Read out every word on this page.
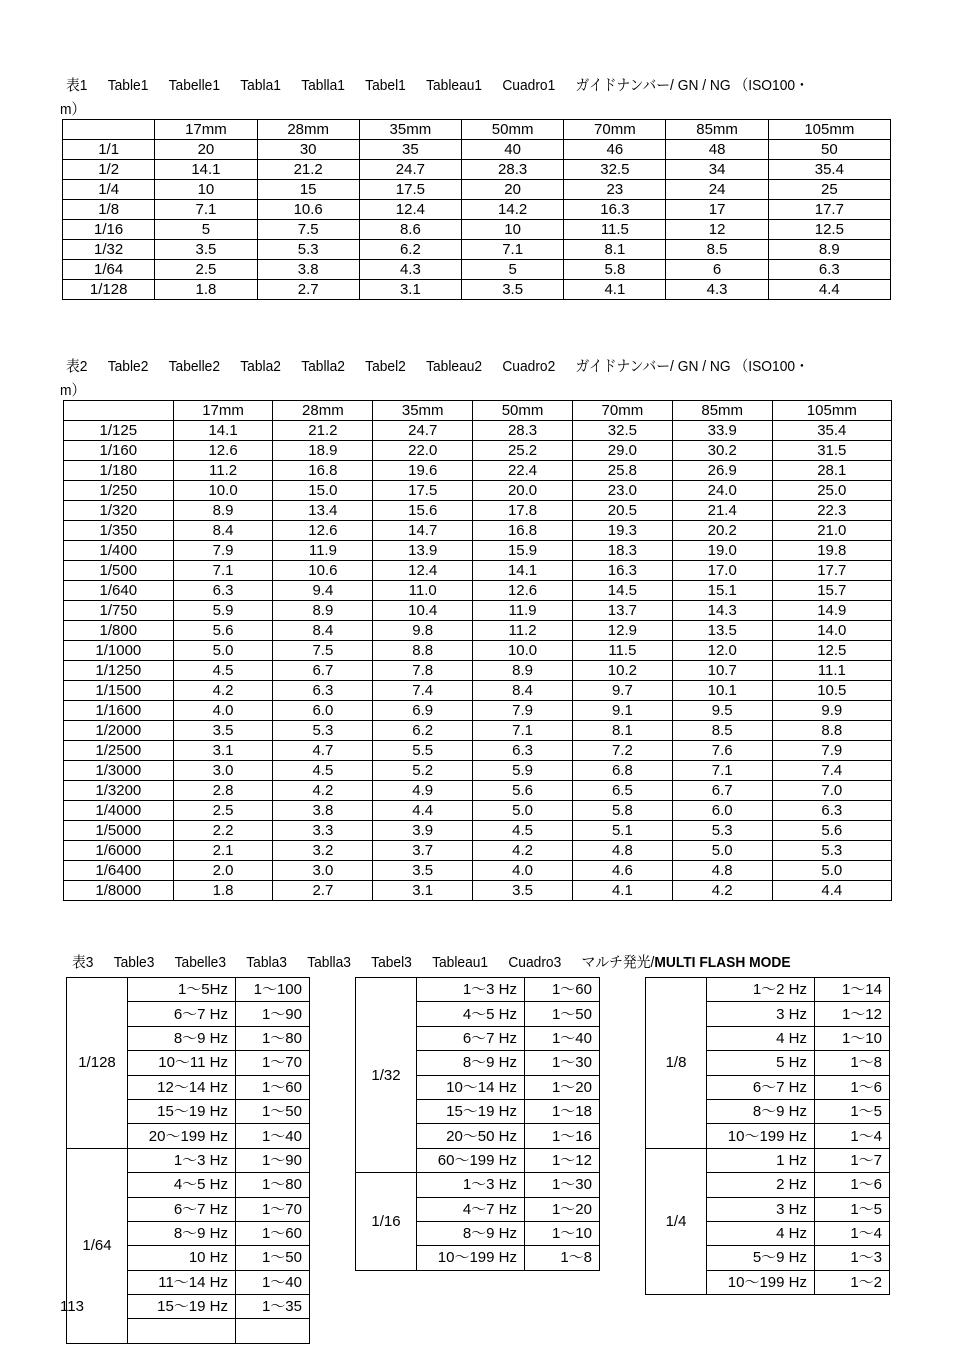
表1 Table1 Tabelle1 Tabla1 Tablla1 Tabel1 Tableau1 Cuadro1 ガイドナンバー/ GN / NG （ISO100・
m）
	17mm	28mm	35mm	50mm	70mm	85mm	105mm
1/1	20	30	35	40	46	48	50
1/2	14.1	21.2	24.7	28.3	32.5	34	35.4
1/4	10	15	17.5	20	23	24	25
1/8	7.1	10.6	12.4	14.2	16.3	17	17.7
1/16	5	7.5	8.6	10	11.5	12	12.5
1/32	3.5	5.3	6.2	7.1	8.1	8.5	8.9
1/64	2.5	3.8	4.3	5	5.8	6	6.3
1/128	1.8	2.7	3.1	3.5	4.1	4.3	4.4
表2 Table2 Tabelle2 Tabla2 Tablla2 Tabel2 Tableau2 Cuadro2 ガイドナンバー/ GN / NG （ISO100・
m）
	17mm	28mm	35mm	50mm	70mm	85mm	105mm
1/125	14.1	21.2	24.7	28.3	32.5	33.9	35.4
1/160	12.6	18.9	22.0	25.2	29.0	30.2	31.5
1/180	11.2	16.8	19.6	22.4	25.8	26.9	28.1
1/250	10.0	15.0	17.5	20.0	23.0	24.0	25.0
1/320	8.9	13.4	15.6	17.8	20.5	21.4	22.3
1/350	8.4	12.6	14.7	16.8	19.3	20.2	21.0
1/400	7.9	11.9	13.9	15.9	18.3	19.0	19.8
1/500	7.1	10.6	12.4	14.1	16.3	17.0	17.7
1/640	6.3	9.4	11.0	12.6	14.5	15.1	15.7
1/750	5.9	8.9	10.4	11.9	13.7	14.3	14.9
1/800	5.6	8.4	9.8	11.2	12.9	13.5	14.0
1/1000	5.0	7.5	8.8	10.0	11.5	12.0	12.5
1/1250	4.5	6.7	7.8	8.9	10.2	10.7	11.1
1/1500	4.2	6.3	7.4	8.4	9.7	10.1	10.5
1/1600	4.0	6.0	6.9	7.9	9.1	9.5	9.9
1/2000	3.5	5.3	6.2	7.1	8.1	8.5	8.8
1/2500	3.1	4.7	5.5	6.3	7.2	7.6	7.9
1/3000	3.0	4.5	5.2	5.9	6.8	7.1	7.4
1/3200	2.8	4.2	4.9	5.6	6.5	6.7	7.0
1/4000	2.5	3.8	4.4	5.0	5.8	6.0	6.3
1/5000	2.2	3.3	3.9	4.5	5.1	5.3	5.6
1/6000	2.1	3.2	3.7	4.2	4.8	5.0	5.3
1/6400	2.0	3.0	3.5	4.0	4.6	4.8	5.0
1/8000	1.8	2.7	3.1	3.5	4.1	4.2	4.4
表3 Table3 Tabelle3 Tabla3 Tablla3 Tabel3 Tableau1 Cuadro3 マルチ発光/MULTI FLASH MODE
1/128	1～5Hz	1～100
	6～7 Hz	1～90
	8～9 Hz	1～80
	10～11 Hz	1～70
	12～14 Hz	1～60
	15～19 Hz	1～50
	20～199 Hz	1～40
1/64	1～3 Hz	1～90
	4～5 Hz	1～80
	6～7 Hz	1～70
	8～9 Hz	1～60
	10 Hz	1～50
	11～14 Hz	1～40
	15～19 Hz	1～35

1/32	1～3 Hz	1～60
	4～5 Hz	1～50
	6～7 Hz	1～40
	8～9 Hz	1～30
	10～14 Hz	1～20
	15～19 Hz	1～18
	20～50 Hz	1～16
	60～199 Hz	1～12
1/16	1～3 Hz	1～30
	4～7 Hz	1～20
	8～9 Hz	1～10
	10～199 Hz	1～8
1/8	1～2 Hz	1～14
	3 Hz	1～12
	4 Hz	1～10
	5 Hz	1～8
	6～7 Hz	1～6
	8～9 Hz	1～5
	10～199 Hz	1～4
1/4	1 Hz	1～7
	2 Hz	1～6
	3 Hz	1～5
	4 Hz	1～4
	5～9 Hz	1～3
	10～199 Hz	1～2
113
